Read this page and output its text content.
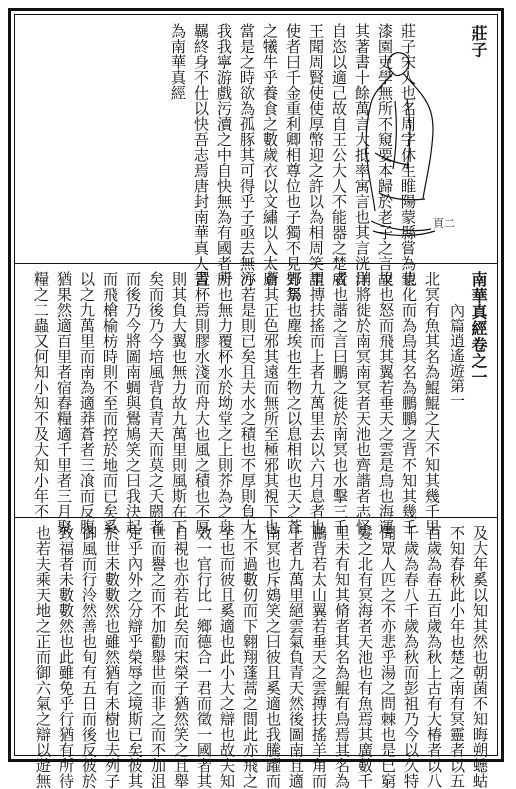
莊子
頁二
莊子宋人也名周字休生睢陽蒙縣嘗為蒙
漆園吏學無所不窺要本歸於老子之言故
其著書十餘萬言大抵率寓言也其言洸洋
自恣以適己故自王公大人不能器之楚威
王聞周賢使使厚幣迎之許以為相周笑謂
使者曰千金重利卿相尊位也子獨不見郊祭
之犧牛乎養食之數歲衣以文繡以入太廟
當是之時欲為孤豚其可得乎子亟去無污
我我寧游戲污瀆之中自快無為有國者所
羈終身不仕以快吾志焉唐封南華真人書
為南華真經
南華真經卷之一
內篇逍遙遊第一
北冥有魚其名為鯤鯤之大不知其幾千里
也化而為鳥其名為鵬鵬之背不知其幾千
里也怒而飛其翼若垂天之雲是鳥也海運
則將徙於南冥南冥者天池也齊諧者志怪
者也諧之言曰鵬之徙於南冥也水擊三千
里摶扶搖而上者九萬里去以六月息者也
野馬也塵埃也生物之以息相吹也天之蒼
蒼其正色邪其遠而無所至極邪其視下也
亦若是則已矣且夫水之積也不厚則負大
舟也無力覆杯水於坳堂之上則芥為之舟
置杯焉則膠水淺而舟大也風之積也不厚
則其負大翼也無力故九萬里則風斯在下
矣而後乃今培風背負青天而莫之夭閼者
而後乃今將圖南蜩與鷽鳩笑之曰我決起
而飛槍榆枋時則不至而控於地而已矣奚
以之九萬里而南為適莽蒼者三飡而反腹
猶果然適百里者宿舂糧適千里者三月聚
糧之二蟲又何知小知不及大知小年不
及大年奚以知其然也朝菌不知晦朔蟪蛄
不知春秋此小年也楚之南有冥靈者以五
百歲為春五百歲為秋上古有大椿者以八
千歲為春八千歲為秋而彭祖乃今以久特
聞眾人匹之不亦悲乎湯之問棘也是已窮
髮之北有冥海者天池也有魚焉其廣數千
里未有知其脩者其名為鯤有鳥焉其名為
鵬背若太山翼若垂天之雲摶扶搖羊角而
上者九萬里絕雲氣負青天然後圖南且適
南冥也斥鴳笑之曰彼且奚適也我騰躍而
上不過數仞而下翱翔蓬蒿之間此亦飛之
至也而彼且奚適也此小大之辯也故夫知
效一官行比一鄉德合一君而徵一國者其
自視也亦若此矣而宋榮子猶然笑之且舉
世而譽之而不加勸舉世而非之而不加沮
定乎內外之分辯乎榮辱之境斯已矣彼其
於世未數數然也雖然猶有未樹也夫列子
御風而行泠然善也旬有五日而後反彼於
致福者未數數然也此雖免乎行猶有所待
也若夫乘天地之正而御六氣之辯以遊無
